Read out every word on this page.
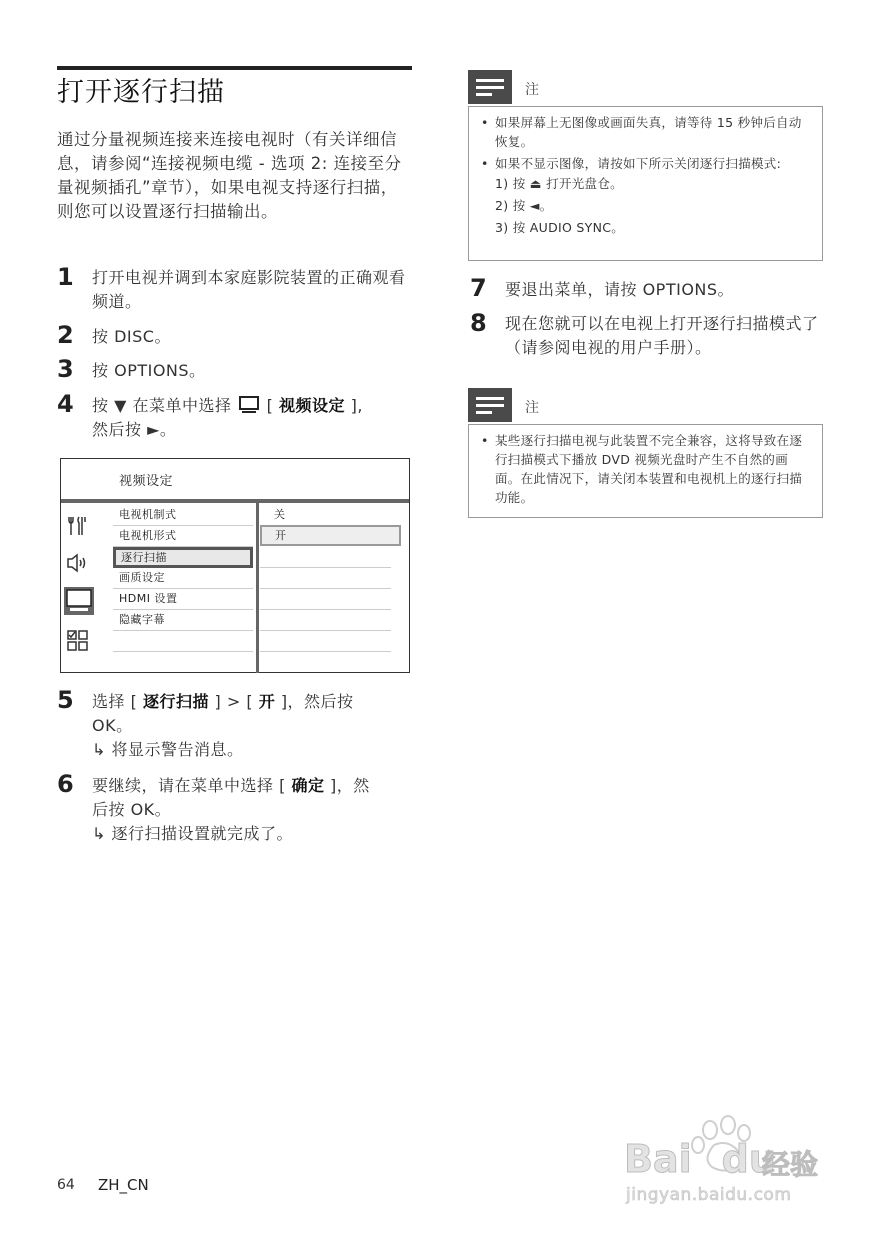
打开逐行扫描
通过分量视频连接来连接电视时（有关详细信息，请参阅“连接视频电缆 - 选项 2: 连接至分量视频插孔”章节），如果电视支持逐行扫描，则您可以设置逐行扫描输出。
1	打开电视并调到本家庭影院装置的正确观看频道。
2	按 DISC。
3	按 OPTIONS。
4	按 ▼ 在菜单中选择 [ 视频设定 ],
然后按 ►。
视频设定
电视机制式
电视机形式
逐行扫描
画质设定
HDMI 设置
隐藏字幕
关
开
5	选择 [ 逐行扫描 ] > [ 开 ]，然后按
OK。
↳ 将显示警告消息。
6	要继续，请在菜单中选择 [ 确定 ]，然
后按 OK。
↳ 逐行扫描设置就完成了。
注
• 如果屏幕上无图像或画面失真，请等待 15 秒钟后自动恢复。
• 如果不显示图像，请按如下所示关闭逐行扫描模式:
1) 按 ⏏ 打开光盘仓。
2) 按 ◄。
3) 按 AUDIO SYNC。
7	要退出菜单，请按 OPTIONS。
8	现在您就可以在电视上打开逐行扫描模式了（请参阅电视的用户手册）。
注
• 某些逐行扫描电视与此装置不完全兼容，这将导致在逐行扫描模式下播放 DVD 视频光盘时产生不自然的画面。在此情况下，请关闭本装置和电视机上的逐行扫描功能。
64 ZH_CN
Bai du
经验
jingyan.baidu.com
